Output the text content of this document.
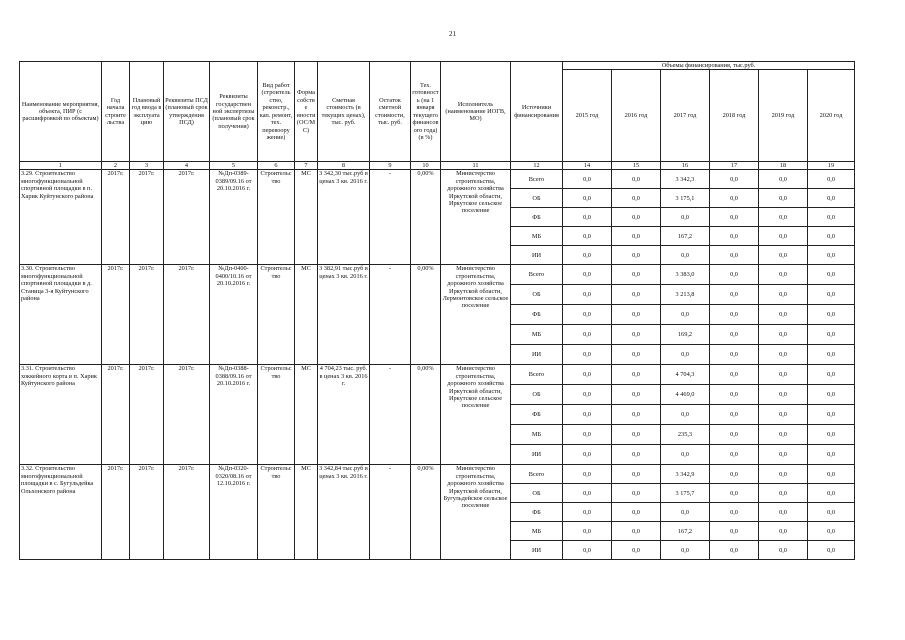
21
Наименование мероприятия, объекта, ПИР (с расшифровкой по объектам)	Год начала строите льства	Плановый год ввода в эксплуата цию	Реквизиты ПСД (плановый срок утверждения ПСД)	Реквизиты государствен ной экспертизы (плановый срок получения)	Вид работ (строитель ство, реконстр., кап. ремонт, тех. перевоору жение)	Форма собстве нности (ОС/М С)	Сметная стоимость (в текущих ценах), тыс. руб.	Остаток сметной стоимости, тыс. руб.	Тех. готовност ь (на 1 января текущего финансов ого года) (в %)	Исполнитель (наименование ИОГВ, МО)	Источники финансирования	Объемы финансирования, тыс.руб.					
												2015 год	2016 год	2017 год	2018 год	2019 год	2020 год
1	2	3	4	5	6	7	8	9	10	11	12	14	15	16	17	18	19
3.29. Строительство многофункциональной спортивной площадки в п. Харик Куйтунского района	2017г.	2017г.	2017г.	№Дп-0389-0389/09.16 от 20.10.2016 г.	Строительс тво	МС	3 342,30 тыс.руб в ценах 3 кв. 2016 г.	-	0,00%	Министерство строительства, дорожного хозяйства Иркутской области, Иркутское сельское поселение	Всего	0,0	0,0	3 342,3	0,0	0,0	0,0
											ОБ	0,0	0,0	3 175,1	0,0	0,0	0,0
											ФБ	0,0	0,0	0,0	0,0	0,0	0,0
											МБ	0,0	0,0	167,2	0,0	0,0	0,0
											ИИ	0,0	0,0	0,0	0,0	0,0	0,0
3.30. Строительство многофункциональной спортивной площадки в д. Станица 3-я Куйтунского района	2017г.	2017г.	2017г.	№Дп-0400-0400/10.16 от 20.10.2016 г.	Строительс тво	МС	3 382,91 тыс.руб в ценах 3 кв. 2016 г.	-	0,00%	Министерство строительства, дорожного хозяйства Иркутской области, Лермонтовское сельское поселение	Всего	0,0	0,0	3 383,0	0,0	0,0	0,0
											ОБ	0,0	0,0	3 213,8	0,0	0,0	0,0
											ФБ	0,0	0,0	0,0	0,0	0,0	0,0
											МБ	0,0	0,0	169,2	0,0	0,0	0,0
											ИИ	0,0	0,0	0,0	0,0	0,0	0,0
3.31. Строительство хоккейного корта в п. Харик Куйтунского района	2017г.	2017г.	2017г.	№Дп-0388-0388/09.16 от 20.10.2016 г.	Строительс тво	МС	4 704,23 тыс. руб. в ценах 3 кв. 2016 г.	-	0,00%	Министерство строительства, дорожного хозяйства Иркутской области, Иркутское сельское поселение	Всего	0,0	0,0	4 704,3	0,0	0,0	0,0
											ОБ	0,0	0,0	4 469,0	0,0	0,0	0,0
											ФБ	0,0	0,0	0,0	0,0	0,0	0,0
											МБ	0,0	0,0	235,3	0,0	0,0	0,0
											ИИ	0,0	0,0	0,0	0,0	0,0	0,0
3.32. Строительство многофункциональной площадки в с. Бугульдейка Ольхонского района	2017г.	2017г.	2017г.	№Дп-0320-0320/08.16 от 12.10.2016 г.	Строительс тво	МС	3 342,84 тыс.руб в ценах 3 кв. 2016 г.	-	0,00%	Министерство строительства, дорожного хозяйства Иркутской области, Бугульдейское сельское поселение	Всего	0,0	0,0	3 342,9	0,0	0,0	0,0
											ОБ	0,0	0,0	3 175,7	0,0	0,0	0,0
											ФБ	0,0	0,0	0,0	0,0	0,0	0,0
											МБ	0,0	0,0	167,2	0,0	0,0	0,0
											ИИ	0,0	0,0	0,0	0,0	0,0	0,0
